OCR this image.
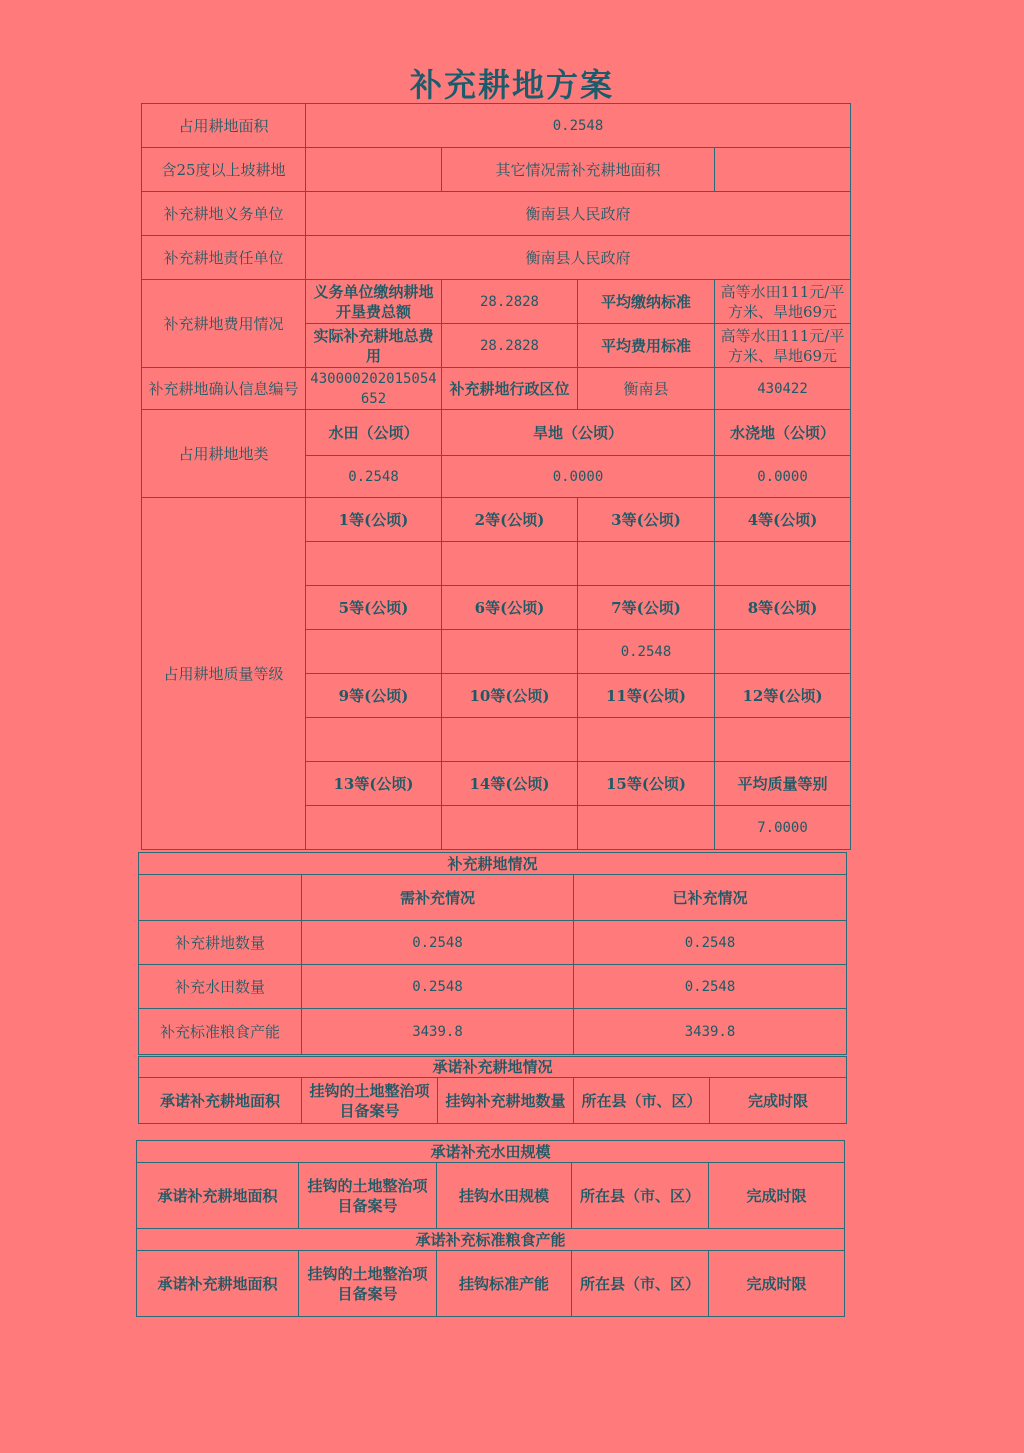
补充耕地方案
占用耕地面积	0.2548			
含25度以上坡耕地		其它情况需补充耕地面积		
补充耕地义务单位	衡南县人民政府			
补充耕地责任单位	衡南县人民政府			
补充耕地费用情况	义务单位缴纳耕地开垦费总额	28.2828	平均缴纳标准	高等水田111元/平方米、旱地69元
	实际补充耕地总费用	28.2828	平均费用标准	高等水田111元/平方米、旱地69元
补充耕地确认信息编号	430000202015054652	补充耕地行政区位	衡南县	430422
占用耕地地类	水田（公顷）	旱地（公顷）		水浇地（公顷）
	0.2548	0.0000		0.0000
占用耕地质量等级	1等(公顷)	2等(公顷)	3等(公顷)	4等(公顷)

	5等(公顷)	6等(公顷)	7等(公顷)	8等(公顷)
			0.2548	
	9等(公顷)	10等(公顷)	11等(公顷)	12等(公顷)

	13等(公顷)	14等(公顷)	15等(公顷)	平均质量等别
				7.0000
补充耕地情况		
	需补充情况	已补充情况
补充耕地数量	0.2548	0.2548
补充水田数量	0.2548	0.2548
补充标准粮食产能	3439.8	3439.8
承诺补充耕地情况
承诺补充耕地面积	挂钩的土地整治项目备案号	挂钩补充耕地数量	所在县（市、区）	完成时限
承诺补充水田规模				
承诺补充耕地面积	挂钩的土地整治项目备案号	挂钩水田规模	所在县（市、区）	完成时限
承诺补充标准粮食产能				
承诺补充耕地面积	挂钩的土地整治项目备案号	挂钩标准产能	所在县（市、区）	完成时限
